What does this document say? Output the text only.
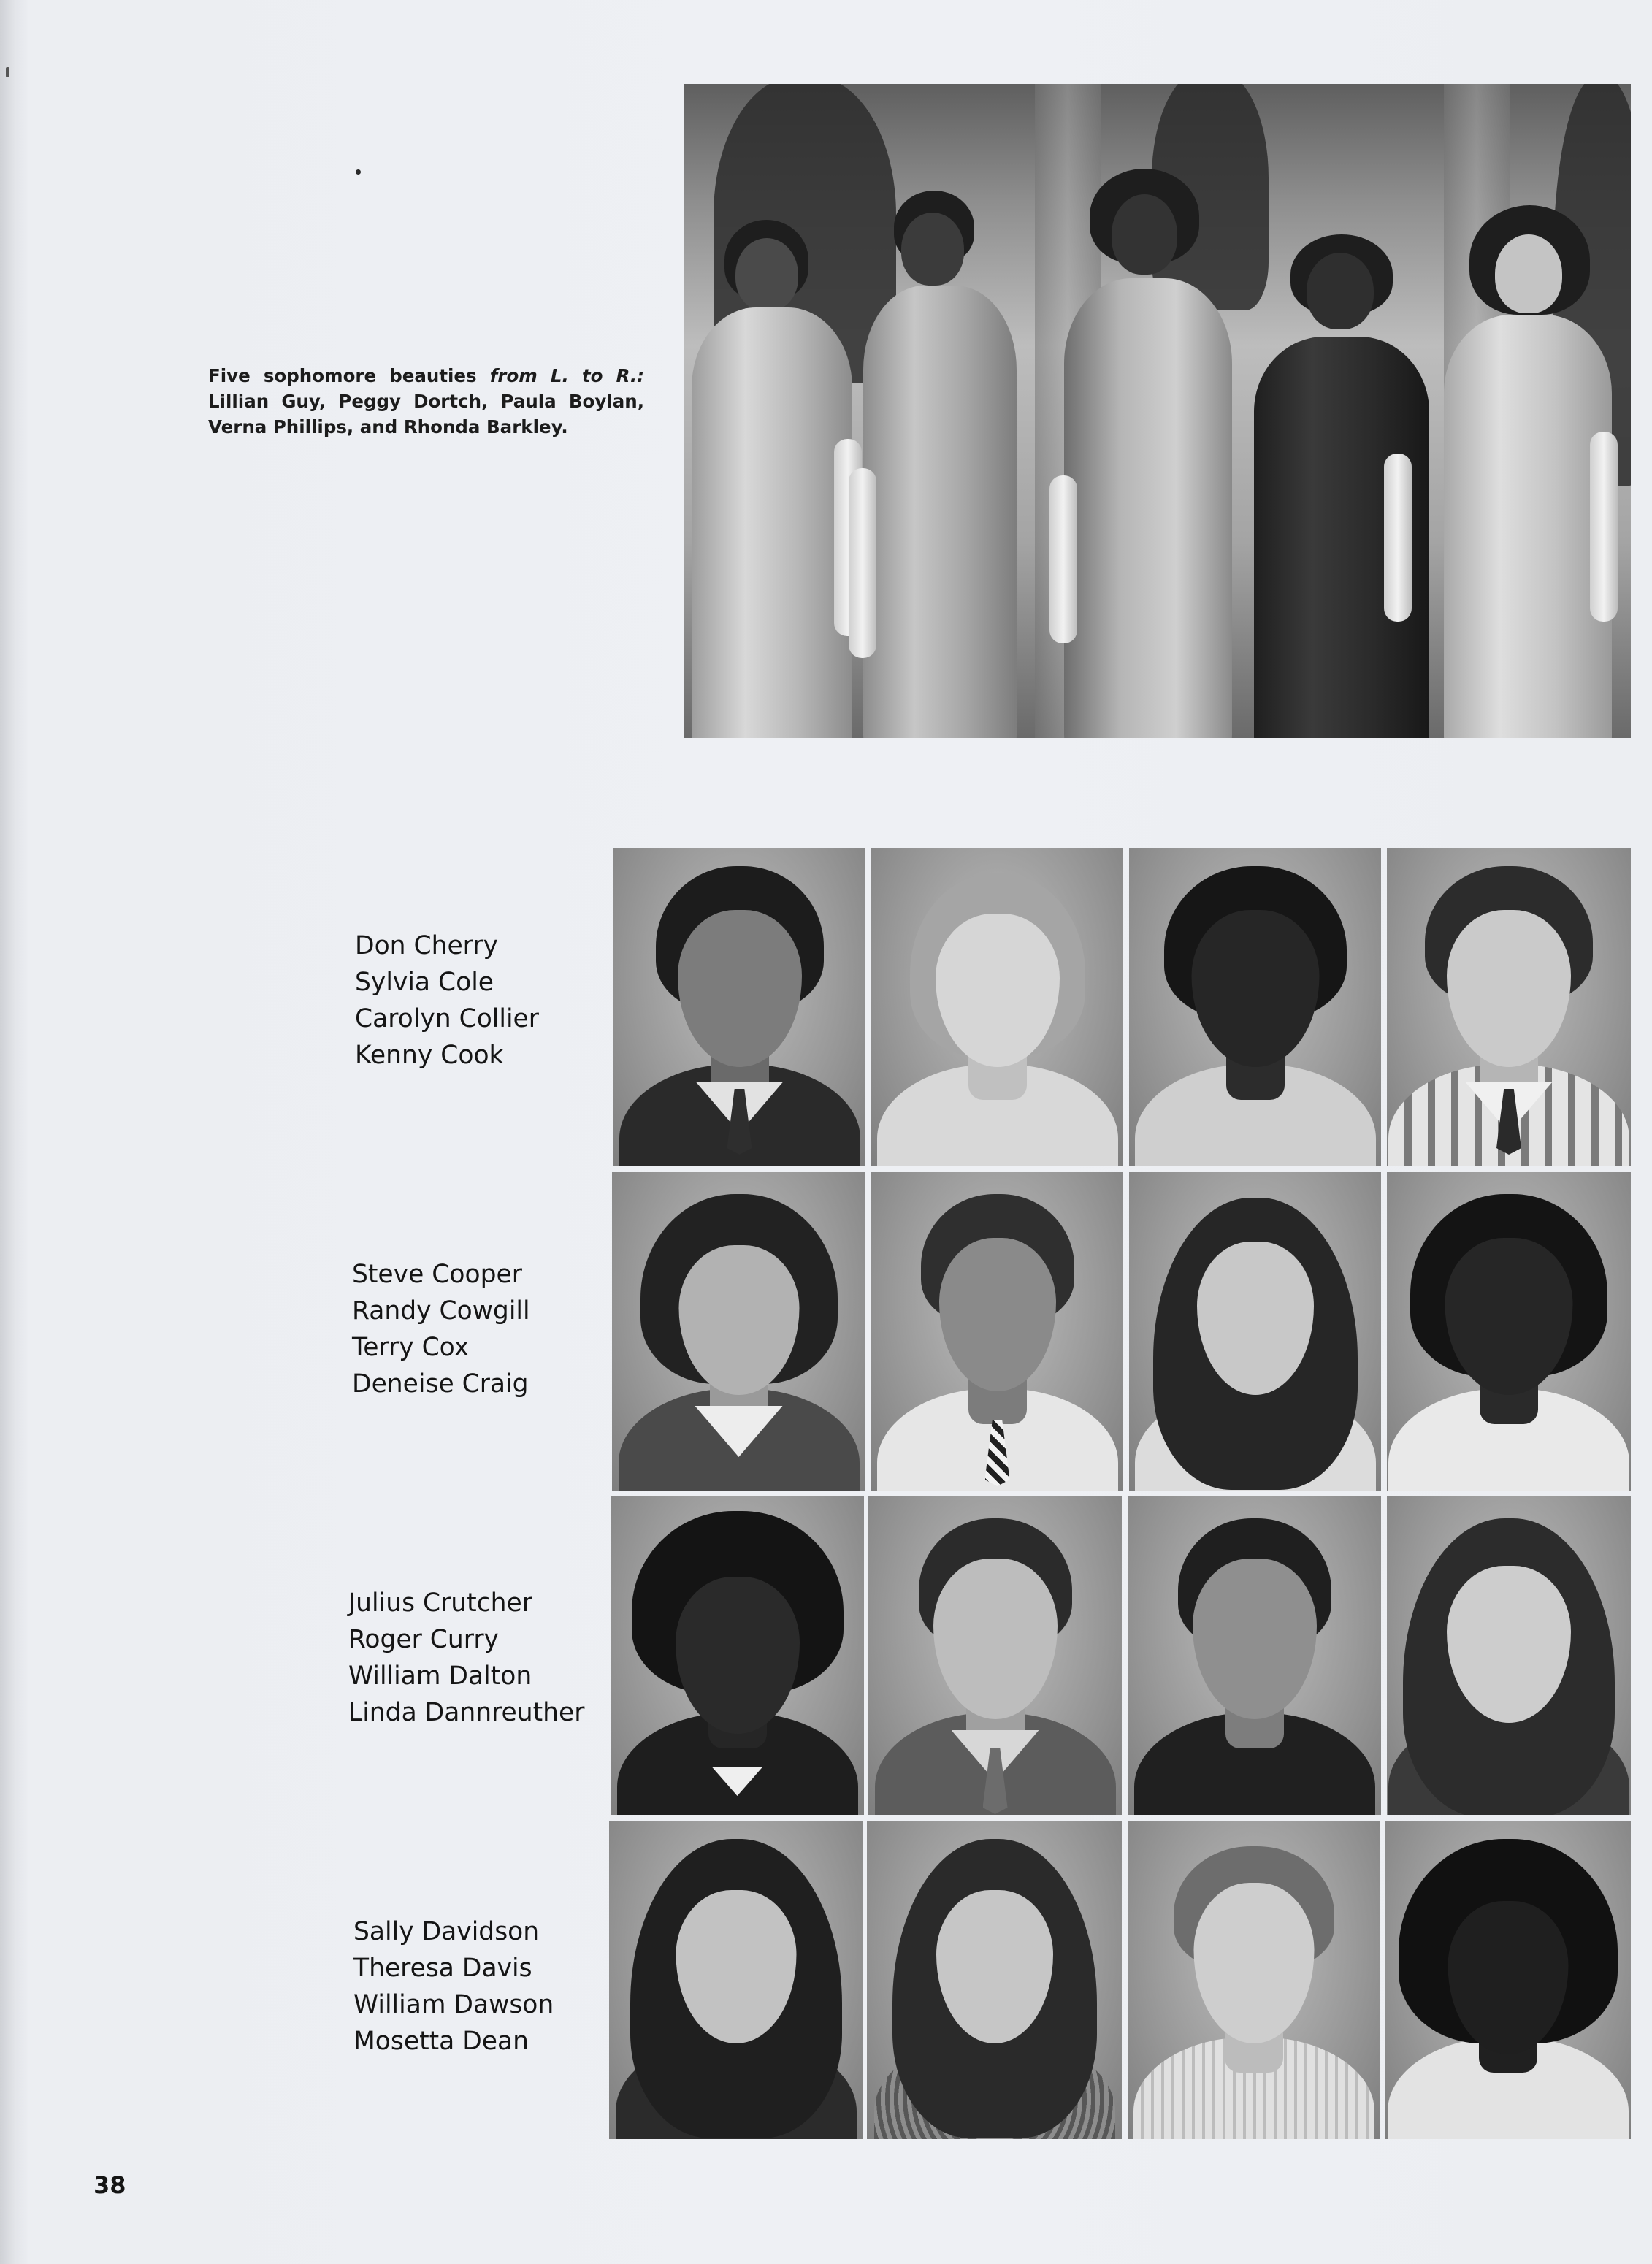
Five sophomore beauties from L. to R.: Lillian Guy, Peggy Dortch, Paula Boylan, Verna Phillips, and Rhonda Barkley.
Don Cherry
Sylvia Cole
Carolyn Collier
Kenny Cook
Steve Cooper
Randy Cowgill
Terry Cox
Deneise Craig
Julius Crutcher
Roger Curry
William Dalton
Linda Dannreuther
Sally Davidson
Theresa Davis
William Dawson
Mosetta Dean
38
